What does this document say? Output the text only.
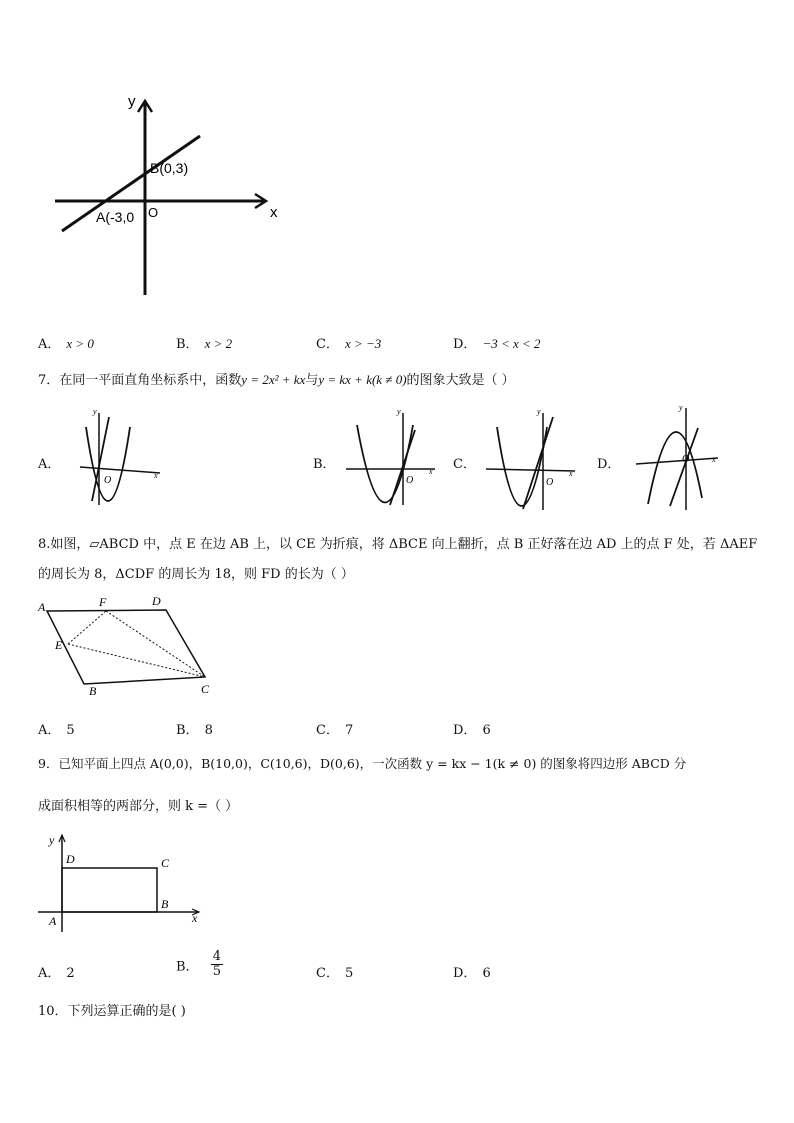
y
x
O
B(0,3)
A(-3,0
A． x > 0	B． x > 2	C． x > −3	D． −3 < x < 2
7．在同一平面直角坐标系中，函数y = 2x² + kx与y = kx + k(k ≠ 0)的图象大致是（ ）
A．
y
x
O
B．
y
x
O
C．
y
x
O
D．
y
x
O
8.如图，▱ABCD 中，点 E 在边 AB 上，以 CE 为折痕，将 ΔBCE 向上翻折，点 B 正好落在边 AD 上的点 F 处，若 ΔAEF
的周长为 8，ΔCDF 的周长为 18，则 FD 的长为（ ）
A	F	D
E
B	C
A． 5	B． 8	C． 7	D． 6
9．已知平面上四点 A(0,0)，B(10,0)，C(10,6)，D(0,6)，一次函数 y = kx − 1(k ≠ 0) 的图象将四边形 ABCD 分
成面积相等的两部分，则 k =（ ）
y
x
A
B
C
D
A． 2	B． $\frac{4}{5}$	C． 5	D． 6
10．下列运算正确的是( )
